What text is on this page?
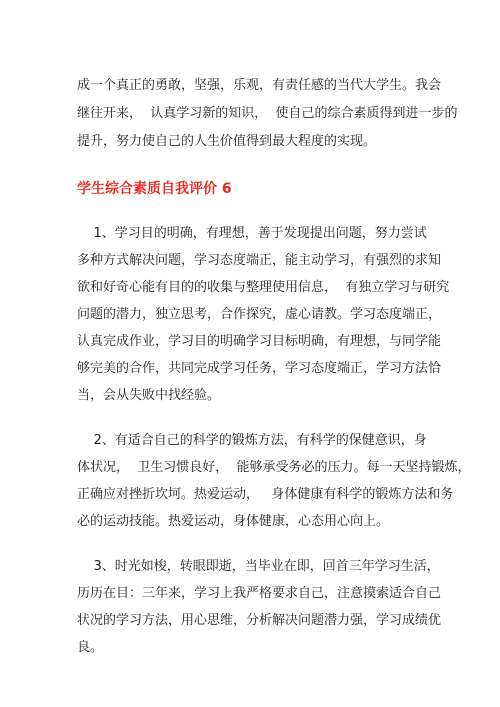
成一个真正的勇敢，坚强，乐观，有责任感的当代大学生。我会
继往开来，  认真学习新的知识，  使自己的综合素质得到进一步的
提升，努力使自己的人生价值得到最大程度的实现。
学生综合素质自我评价 6
1、学习目的明确，有理想，善于发现提出问题，努力尝试
多种方式解决问题，学习态度端正，能主动学习，有强烈的求知
欲和好奇心能有目的的收集与整理使用信息，  有独立学习与研究
问题的潜力，独立思考，合作探究，虚心请教。学习态度端正，
认真完成作业，学习目的明确学习目标明确，有理想，与同学能
够完美的合作，共同完成学习任务，学习态度端正，学习方法恰
当，会从失败中找经验。
2、有适合自己的科学的锻炼方法，有科学的保健意识，身
体状况，  卫生习惯良好，  能够承受务必的压力。每一天坚持锻炼，
正确应对挫折坎坷。热爱运动，   身体健康有科学的锻炼方法和务
必的运动技能。热爱运动，身体健康，心态用心向上。
3、时光如梭，转眼即逝，当毕业在即，回首三年学习生活，
历历在目：三年来，学习上我严格要求自己，注意摸索适合自己
状况的学习方法，用心思维，分析解决问题潜力强，学习成绩优
良。
